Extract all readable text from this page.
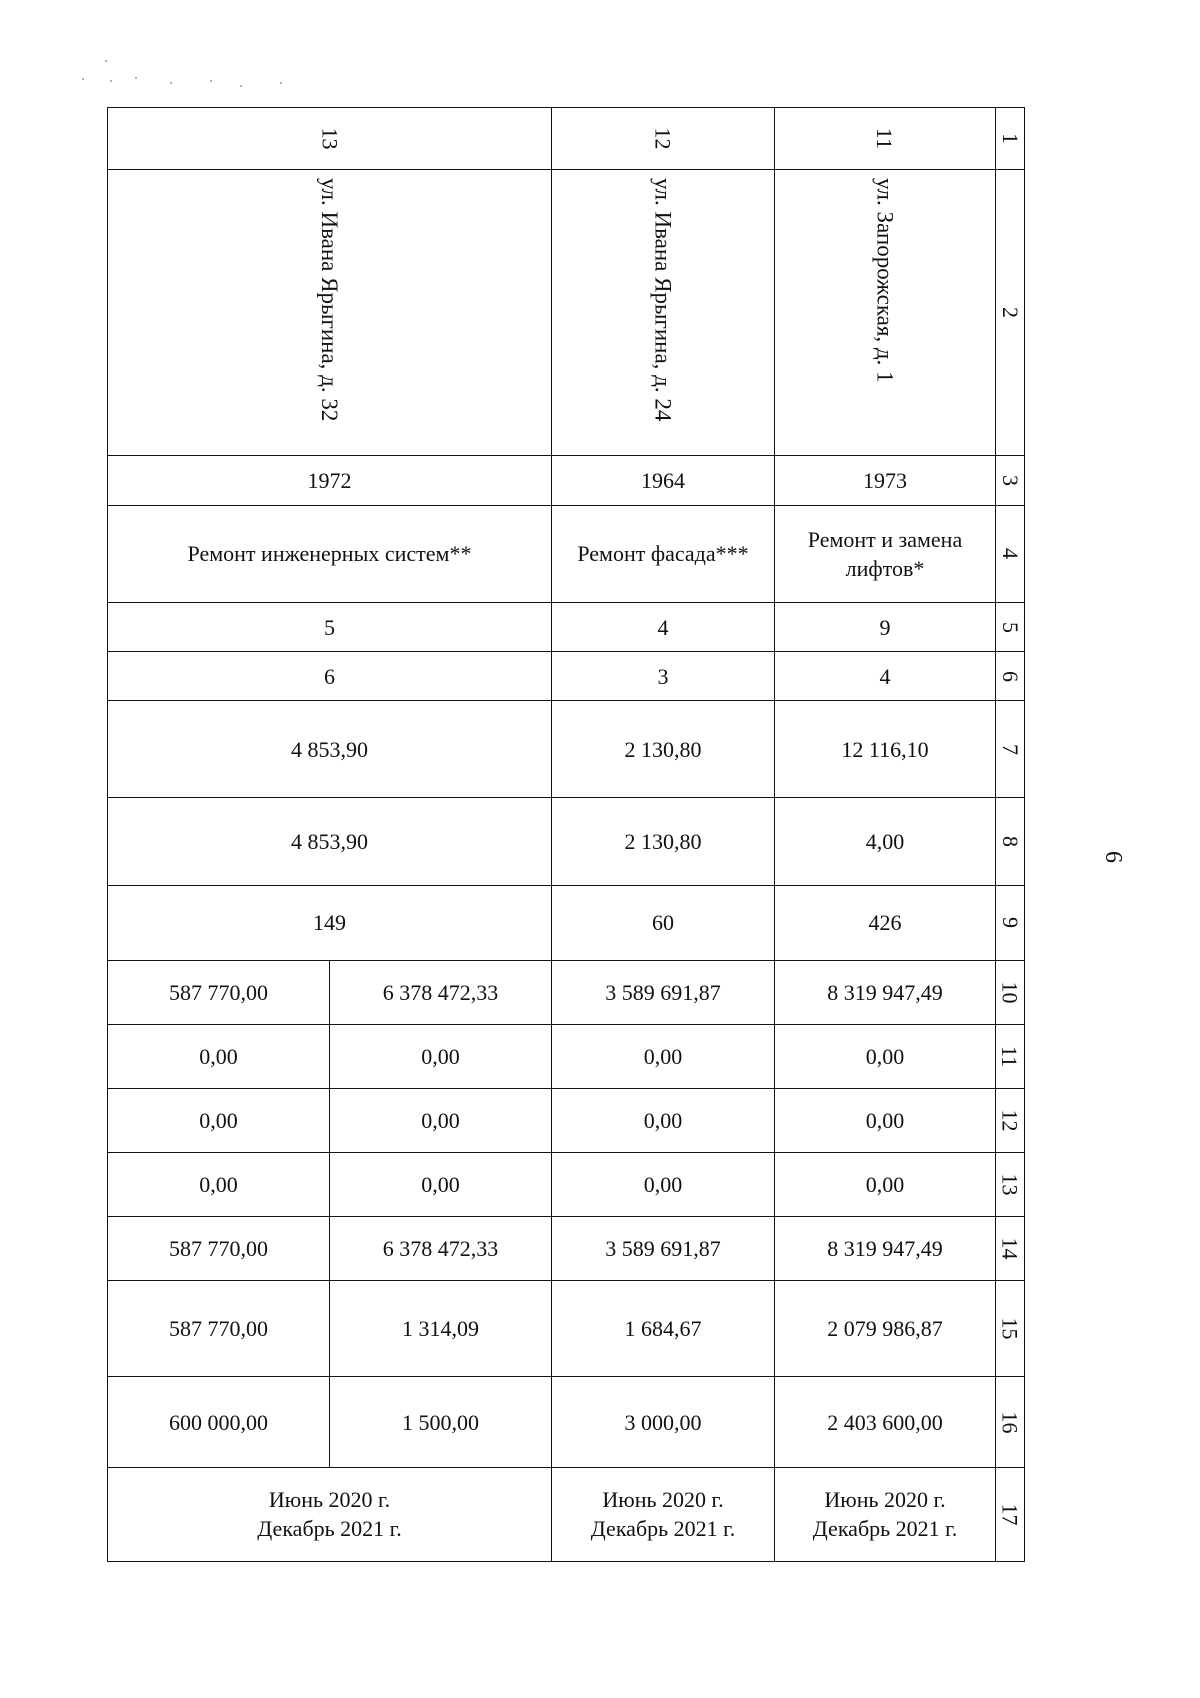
6
13		12	11	1

ул. Ивана Ярыгина, д. 32		ул. Ивана Ярыгина, д. 24	ул. Запорожская, д. 1	2
1972		1964	1973	3
Ремонт инженерных систем**		Ремонт фасада***	Ремонт и замена
лифтов*	4
5		4	9	5
6		3	4	6
4 853,90		2 130,80	12 116,10	7
4 853,90		2 130,80	4,00	8
149		60	426	9
587 770,00	6 378 472,33	3 589 691,87	8 319 947,49	10
0,00	0,00	0,00	0,00	11
0,00	0,00	0,00	0,00	12
0,00	0,00	0,00	0,00	13
587 770,00	6 378 472,33	3 589 691,87	8 319 947,49	14
587 770,00	1 314,09	1 684,67	2 079 986,87	15
600 000,00	1 500,00	3 000,00	2 403 600,00	16

Июнь 2020 г.
Декабрь 2021 г.		Июнь 2020 г.
Декабрь 2021 г.	Июнь 2020 г.
Декабрь 2021 г.	17
